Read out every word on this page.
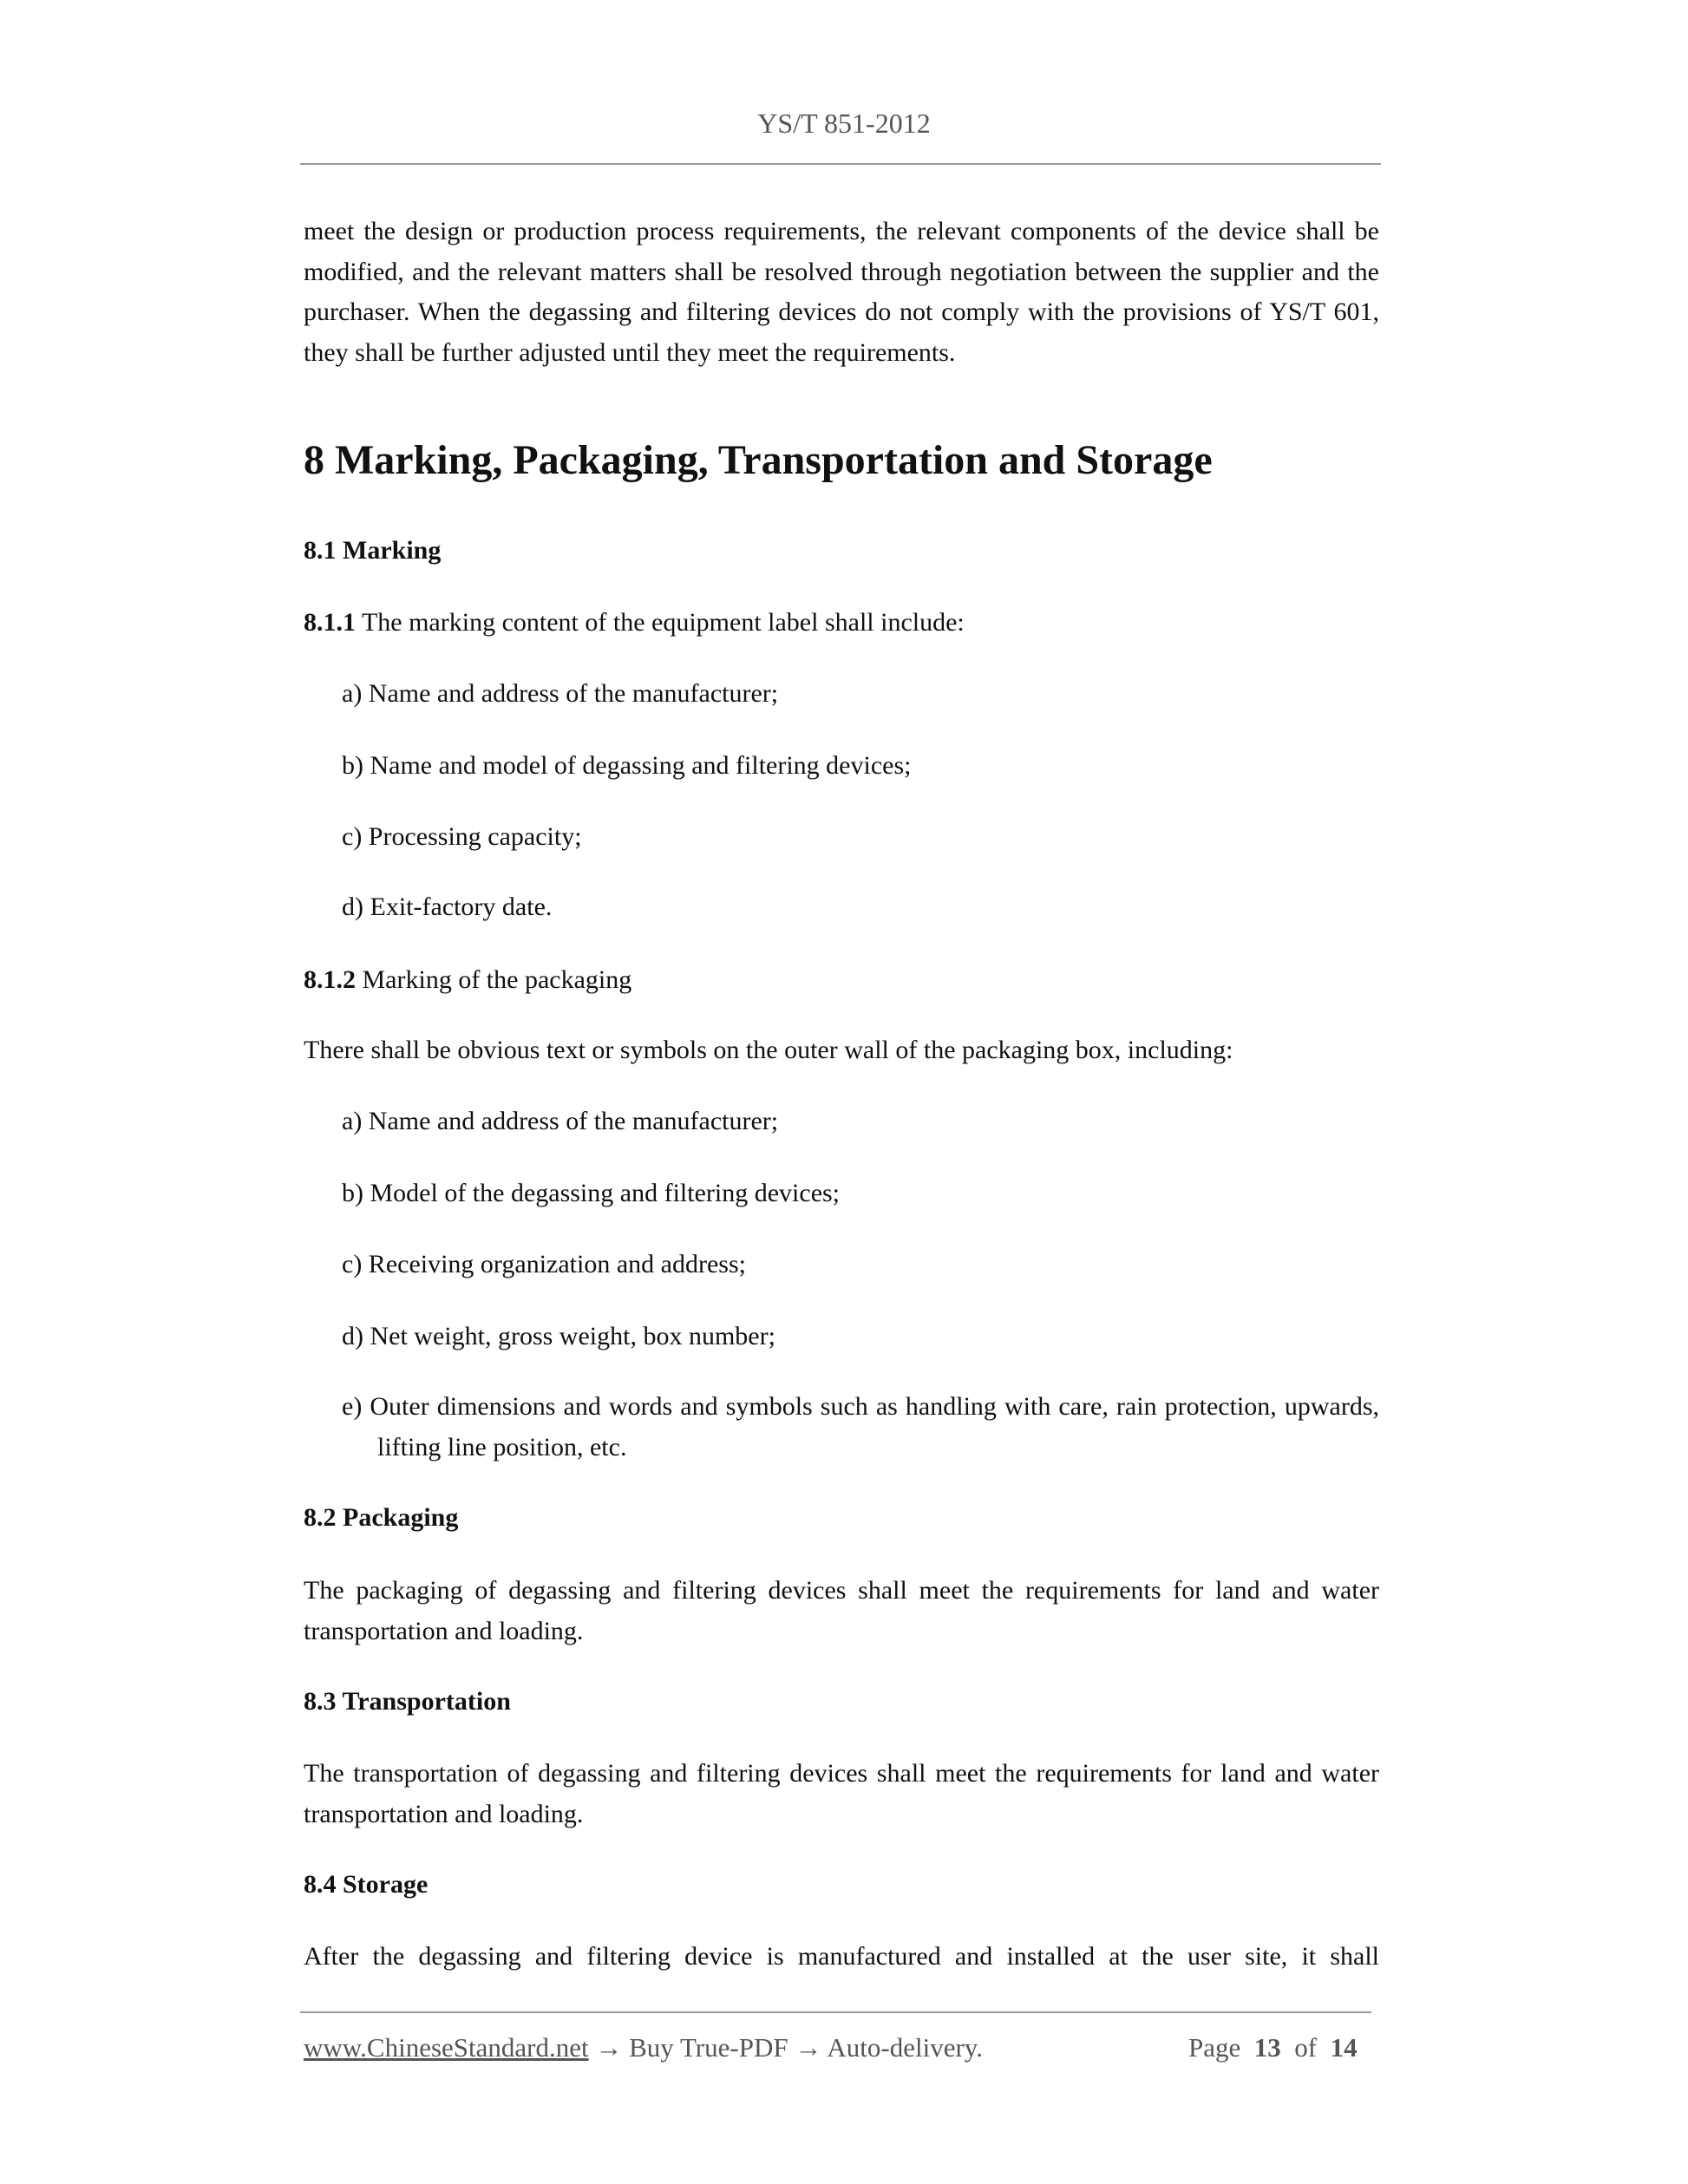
YS/T 851-2012
meet the design or production process requirements, the relevant components of the device shall be modified, and the relevant matters shall be resolved through negotiation between the supplier and the purchaser. When the degassing and filtering devices do not comply with the provisions of YS/T 601, they shall be further adjusted until they meet the requirements.
8 Marking, Packaging, Transportation and Storage
8.1 Marking
8.1.1 The marking content of the equipment label shall include:
a) Name and address of the manufacturer;
b) Name and model of degassing and filtering devices;
c) Processing capacity;
d) Exit-factory date.
8.1.2 Marking of the packaging
There shall be obvious text or symbols on the outer wall of the packaging box, including:
a) Name and address of the manufacturer;
b) Model of the degassing and filtering devices;
c) Receiving organization and address;
d) Net weight, gross weight, box number;
e) Outer dimensions and words and symbols such as handling with care, rain protection, upwards, lifting line position, etc.
8.2 Packaging
The packaging of degassing and filtering devices shall meet the requirements for land and water transportation and loading.
8.3 Transportation
The transportation of degassing and filtering devices shall meet the requirements for land and water transportation and loading.
8.4 Storage
After the degassing and filtering device is manufactured and installed at the user site, it shall
www.ChineseStandard.net → Buy True-PDF → Auto-delivery.	Page 13 of 14
